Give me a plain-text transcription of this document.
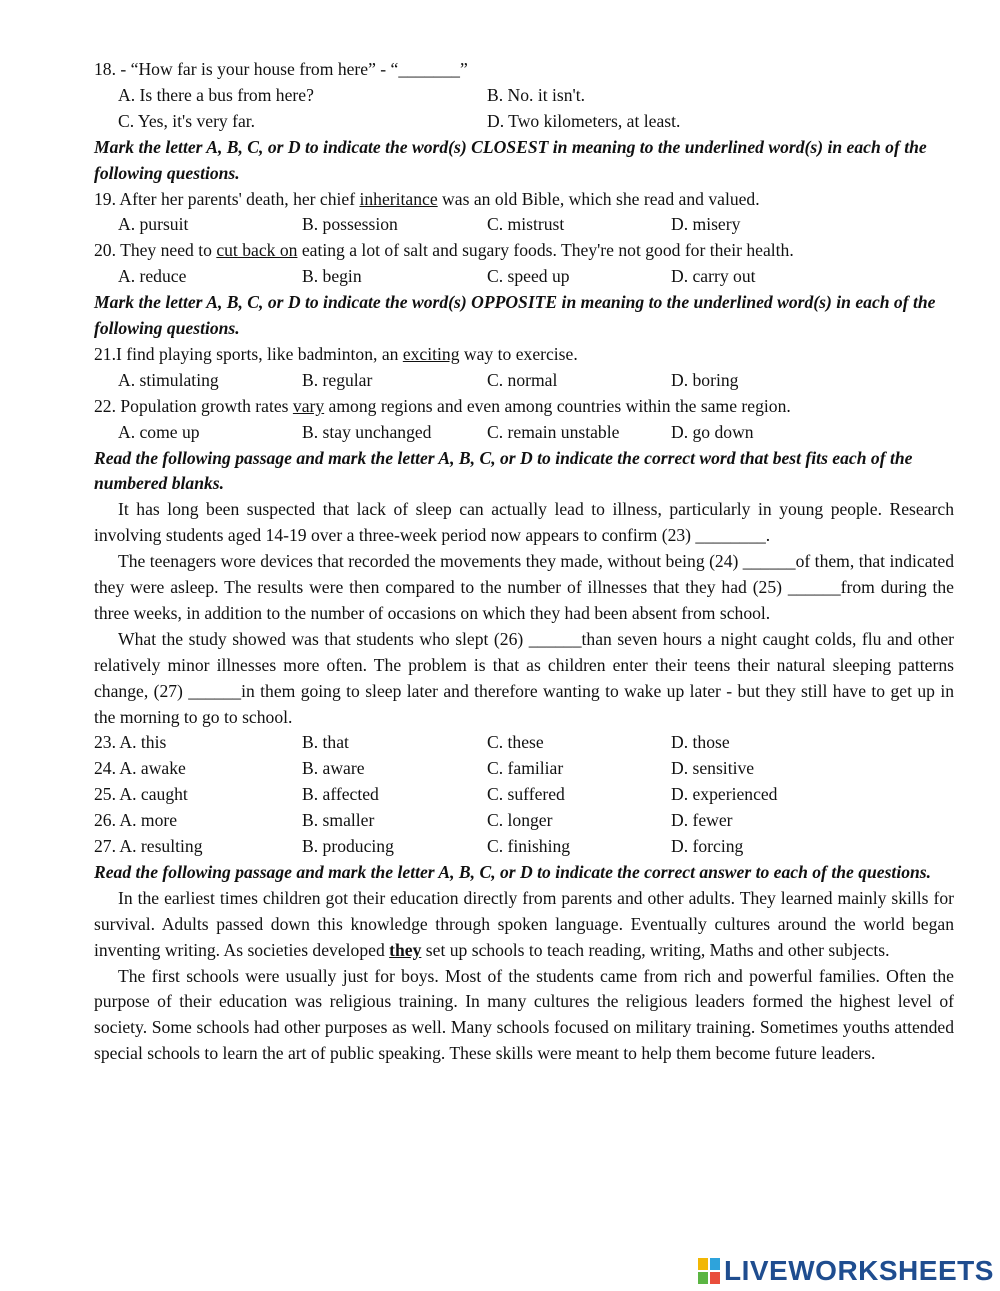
18. - “How far is your house from here” - “_______”
A. Is there a bus from here?	B. No. it isn't.
C. Yes, it's very far.	D. Two kilometers, at least.
Mark the letter A, B, C, or D to indicate the word(s) CLOSEST in meaning to the underlined word(s) in each of the following questions.
19. After her parents' death, her chief inheritance was an old Bible, which she read and valued.
A. pursuit	B. possession	C. mistrust	D. misery
20. They need to cut back on eating a lot of salt and sugary foods. They're not good for their health.
A. reduce	B. begin	C. speed up	D. carry out
Mark the letter A, B, C, or D to indicate the word(s) OPPOSITE in meaning to the underlined word(s) in each of the following questions.
21.I find playing sports, like badminton, an exciting way to exercise.
A. stimulating	B. regular	C. normal	D. boring
22. Population growth rates vary among regions and even among countries within the same region.
A. come up	B. stay unchanged	C. remain unstable	D. go down
Read the following passage and mark the letter A, B, C, or D to indicate the correct word that best fits each of the numbered blanks.
It has long been suspected that lack of sleep can actually lead to illness, particularly in young people. Research involving students aged 14-19 over a three-week period now appears to confirm (23) ________.
The teenagers wore devices that recorded the movements they made, without being (24) ______of them, that indicated they were asleep. The results were then compared to the number of illnesses that they had (25) ______from during the three weeks, in addition to the number of occasions on which they had been absent from school.
What the study showed was that students who slept (26) ______than seven hours a night caught colds, flu and other relatively minor illnesses more often. The problem is that as children enter their teens their natural sleeping patterns change, (27) ______in them going to sleep later and therefore wanting to wake up later - but they still have to get up in the morning to go to school.
23. A. this	B. that	C. these	D. those
24. A. awake	B. aware	C. familiar	D. sensitive
25. A. caught	B. affected	C. suffered	D. experienced
26. A. more	B. smaller	C. longer	D. fewer
27. A. resulting	B. producing	C. finishing	D. forcing
Read the following passage and mark the letter A, B, C, or D to indicate the correct answer to each of the questions.
In the earliest times children got their education directly from parents and other adults. They learned mainly skills for survival. Adults passed down this knowledge through spoken language. Eventually cultures around the world began inventing writing. As societies developed they set up schools to teach reading, writing, Maths and other subjects.
The first schools were usually just for boys. Most of the students came from rich and powerful families. Often the purpose of their education was religious training. In many cultures the religious leaders formed the highest level of society. Some schools had other purposes as well. Many schools focused on military training. Sometimes youths attended special schools to learn the art of public speaking. These skills were meant to help them become future leaders.
LIVEWORKSHEETS
